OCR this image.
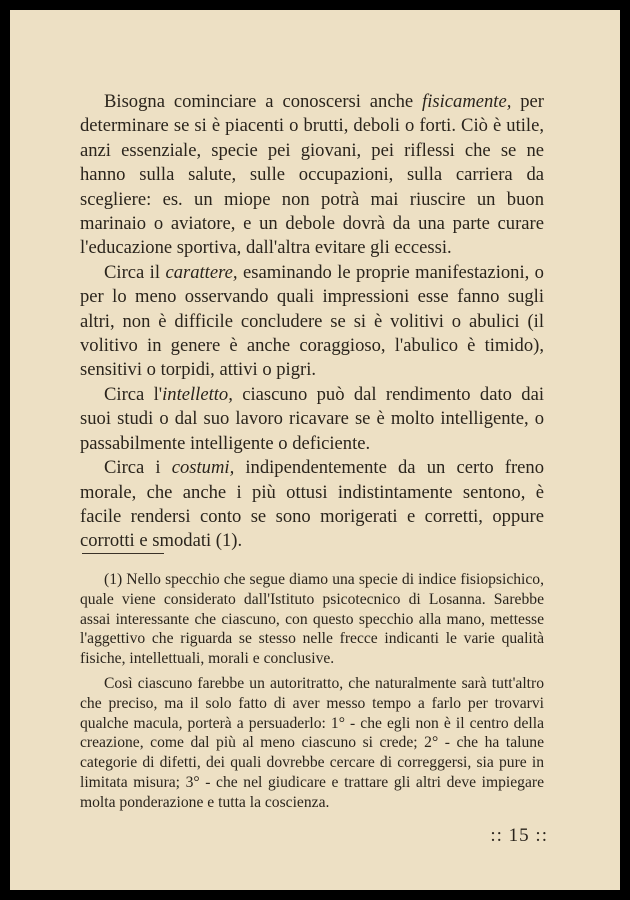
Bisogna cominciare a conoscersi anche fisicamente, per determinare se si è piacenti o brutti, deboli o forti. Ciò è utile, anzi essenziale, specie pei giovani, pei riflessi che se ne hanno sulla salute, sulle occupazioni, sulla carriera da scegliere: es. un miope non potrà mai riuscire un buon marinaio o aviatore, e un debole dovrà da una parte curare l'educazione sportiva, dall'altra evitare gli eccessi.

Circa il carattere, esaminando le proprie manifestazioni, o per lo meno osservando quali impressioni esse fanno sugli altri, non è difficile concludere se si è volitivi o abulici (il volitivo in genere è anche coraggioso, l'abulico è timido), sensitivi o torpidi, attivi o pigri.

Circa l'intelletto, ciascuno può dal rendimento dato dai suoi studi o dal suo lavoro ricavare se è molto intelligente, o passabilmente intelligente o deficiente.

Circa i costumi, indipendentemente da un certo freno morale, che anche i più ottusi indistintamente sentono, è facile rendersi conto se sono morigerati e corretti, oppure corrotti e smodati (1).

(1) Nello specchio che segue diamo una specie di indice fisiopsichico, quale viene considerato dall'Istituto psicotecnico di Losanna. Sarebbe assai interessante che ciascuno, con questo specchio alla mano, mettesse l'aggettivo che riguarda se stesso nelle frecce indicanti le varie qualità fisiche, intellettuali, morali e conclusive.

Così ciascuno farebbe un autoritratto, che naturalmente sarà tutt'altro che preciso, ma il solo fatto di aver messo tempo a farlo per trovarvi qualche macula, porterà a persuaderlo: 1° - che egli non è il centro della creazione, come dal più al meno ciascuno si crede; 2° - che ha talune categorie di difetti, dei quali dovrebbe cercare di correggersi, sia pure in limitata misura; 3° - che nel giudicare e trattare gli altri deve impiegare molta ponderazione e tutta la coscienza.

:: 15 ::
